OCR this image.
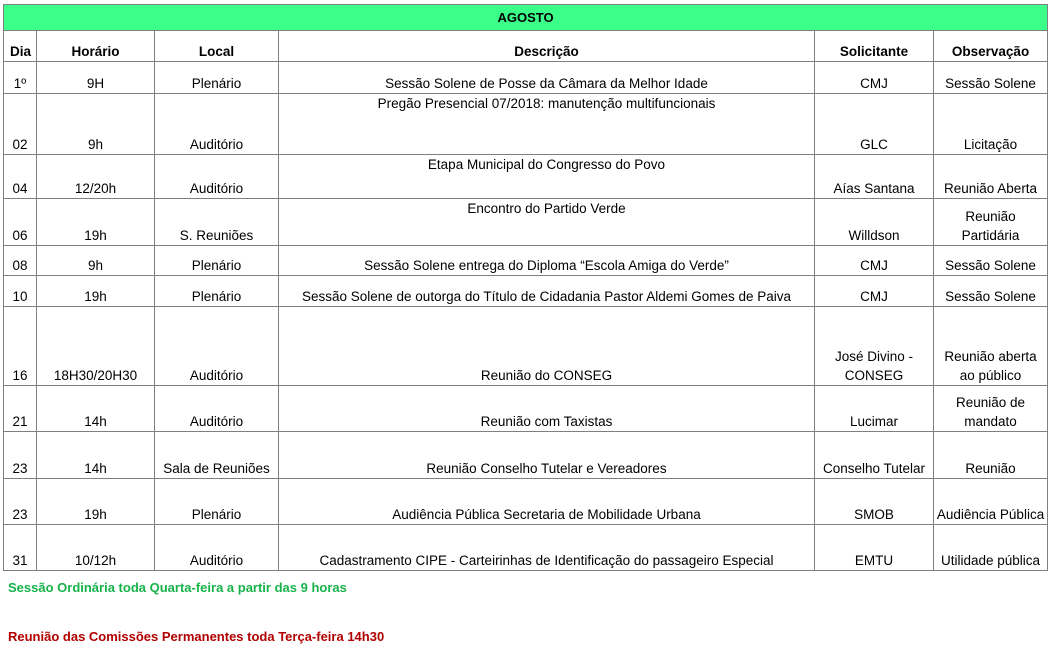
AGOSTO					
Dia	Horário	Local	Descrição	Solicitante	Observação
1º	9H	Plenário	Sessão Solene de Posse da Câmara da Melhor Idade	CMJ	Sessão Solene
02	9h	Auditório	Pregão Presencial 07/2018: manutenção multifuncionais	GLC	Licitação
04	12/20h	Auditório	Etapa Municipal do Congresso do Povo	Aías Santana	Reunião Aberta
06	19h	S. Reuniões	Encontro do Partido Verde	Willdson	Reunião Partidária
08	9h	Plenário	Sessão Solene entrega do Diploma “Escola Amiga do Verde”	CMJ	Sessão Solene
10	19h	Plenário	Sessão Solene de outorga do Título de Cidadania Pastor Aldemi Gomes de Paiva	CMJ	Sessão Solene
16	18H30/20H30	Auditório	Reunião do CONSEG	José Divino - CONSEG	Reunião aberta ao público
21	14h	Auditório	Reunião com Taxistas	Lucimar	Reunião de mandato
23	14h	Sala de Reuniões	Reunião Conselho Tutelar e Vereadores	Conselho Tutelar	Reunião
23	19h	Plenário	Audiência Pública Secretaria de Mobilidade Urbana	SMOB	Audiência Pública
31	10/12h	Auditório	Cadastramento CIPE - Carteirinhas de Identificação do passageiro Especial	EMTU	Utilidade pública
Sessão Ordinária toda Quarta-feira a partir das 9 horas
Reunião das Comissões Permanentes toda Terça-feira 14h30
